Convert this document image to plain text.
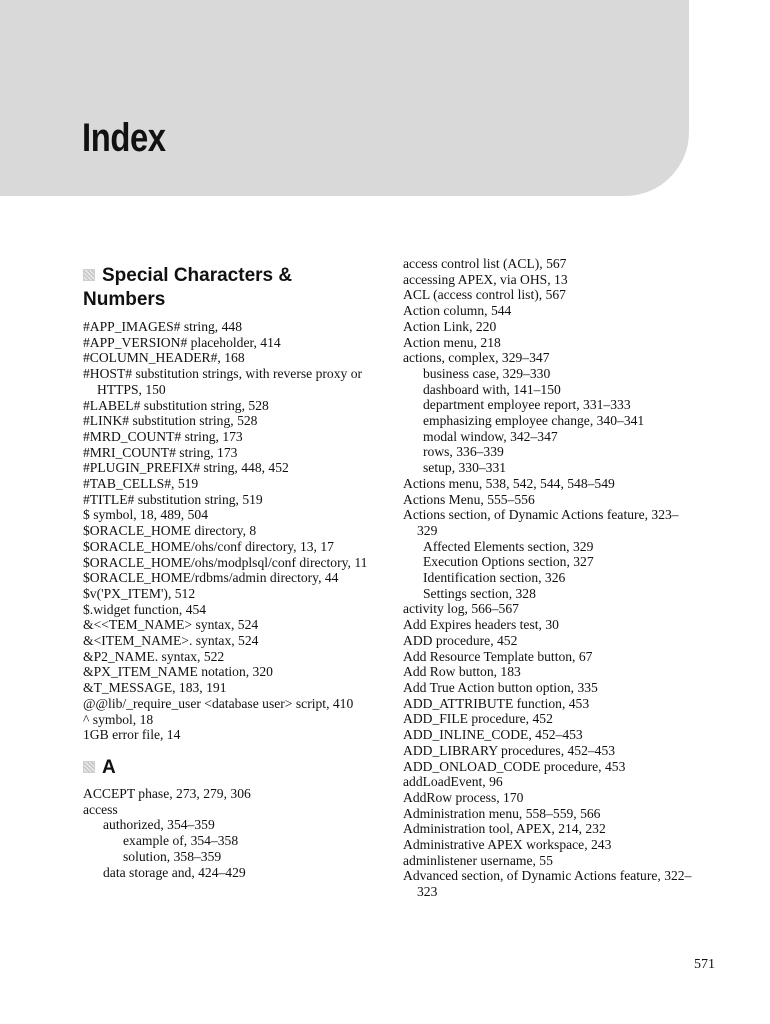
Index
Special Characters & Numbers
#APP_IMAGES# string, 448
#APP_VERSION# placeholder, 414
#COLUMN_HEADER#, 168
#HOST# substitution strings, with reverse proxy or HTTPS, 150
#LABEL# substitution string, 528
#LINK# substitution string, 528
#MRD_COUNT# string, 173
#MRI_COUNT# string, 173
#PLUGIN_PREFIX# string, 448, 452
#TAB_CELLS#, 519
#TITLE# substitution string, 519
$ symbol, 18, 489, 504
$ORACLE_HOME directory, 8
$ORACLE_HOME/ohs/conf directory, 13, 17
$ORACLE_HOME/ohs/modplsql/conf directory, 11
$ORACLE_HOME/rdbms/admin directory, 44
$v('PX_ITEM'), 512
$.widget function, 454
&<<TEM_NAME> syntax, 524
&<ITEM_NAME>. syntax, 524
&P2_NAME. syntax, 522
&PX_ITEM_NAME notation, 320
&T_MESSAGE, 183, 191
@@lib/_require_user <database user> script, 410
^ symbol, 18
1GB error file, 14
A
ACCEPT phase, 273, 279, 306
access
authorized, 354–359
example of, 354–358
solution, 358–359
data storage and, 424–429
access control list (ACL), 567
accessing APEX, via OHS, 13
ACL (access control list), 567
Action column, 544
Action Link, 220
Action menu, 218
actions, complex, 329–347
business case, 329–330
dashboard with, 141–150
department employee report, 331–333
emphasizing employee change, 340–341
modal window, 342–347
rows, 336–339
setup, 330–331
Actions menu, 538, 542, 544, 548–549
Actions Menu, 555–556
Actions section, of Dynamic Actions feature, 323–329
Affected Elements section, 329
Execution Options section, 327
Identification section, 326
Settings section, 328
activity log, 566–567
Add Expires headers test, 30
ADD procedure, 452
Add Resource Template button, 67
Add Row button, 183
Add True Action button option, 335
ADD_ATTRIBUTE function, 453
ADD_FILE procedure, 452
ADD_INLINE_CODE, 452–453
ADD_LIBRARY procedures, 452–453
ADD_ONLOAD_CODE procedure, 453
addLoadEvent, 96
AddRow process, 170
Administration menu, 558–559, 566
Administration tool, APEX, 214, 232
Administrative APEX workspace, 243
adminlistener username, 55
Advanced section, of Dynamic Actions feature, 322–323
571
